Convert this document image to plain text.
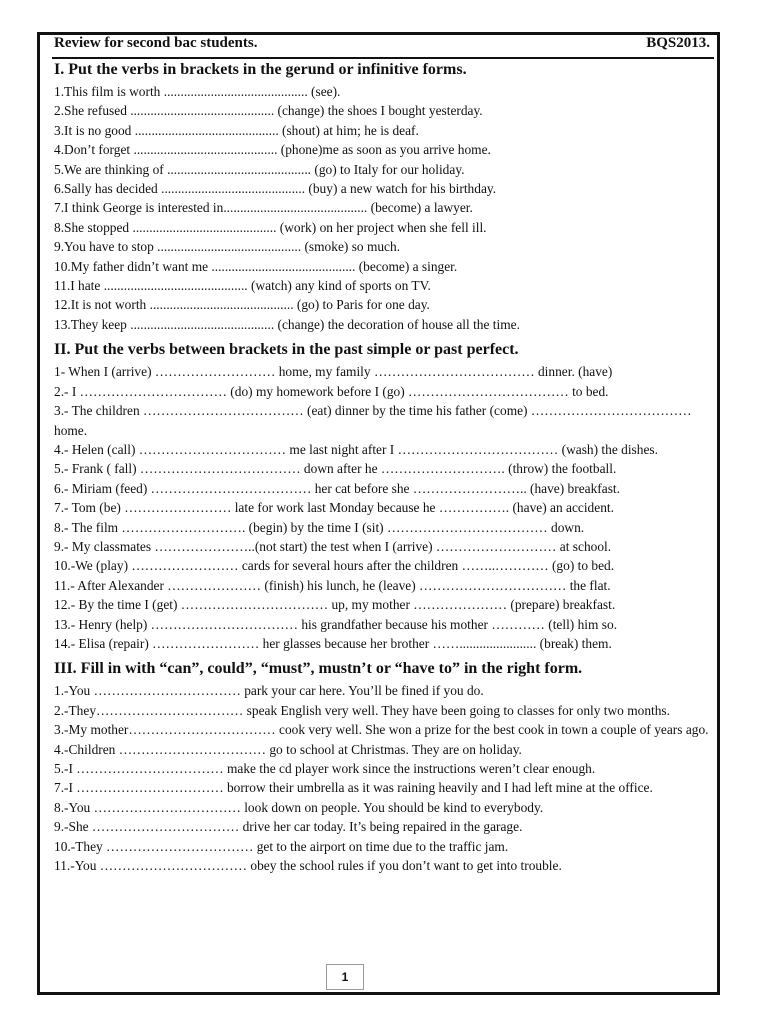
Review for second bac students.	BQS2013.
I. Put the verbs in brackets in the gerund or infinitive forms.
1.This film is worth ........................................... (see).
2.She refused ........................................... (change) the shoes I bought yesterday.
3.It is no good ........................................... (shout) at him; he is deaf.
4.Don’t forget ........................................... (phone)me as soon as you arrive home.
5.We are thinking of ........................................... (go) to Italy for our holiday.
6.Sally has decided ........................................... (buy) a new watch for his birthday.
7.I think George is interested in........................................... (become) a lawyer.
8.She stopped ........................................... (work) on her project when she fell ill.
9.You have to stop ........................................... (smoke) so much.
10.My father didn’t want me ........................................... (become) a singer.
11.I hate ........................................... (watch) any kind of sports on TV.
12.It is not worth ........................................... (go) to Paris for one day.
13.They keep ........................................... (change) the decoration of house all the time.
II. Put the verbs between brackets in the past simple or past perfect.
1- When I (arrive) ……………………… home, my family ……………………………… dinner. (have)
2.- I …………………………… (do) my homework before I (go) ……………………………… to bed.
3.- The children ……………………………… (eat) dinner by the time his father (come) ……………………………… home.
4.- Helen (call) …………………………… me last night after I ……………………………… (wash) the dishes.
5.- Frank ( fall) ……………………………… down after he ………………………. (throw) the football.
6.- Miriam (feed) ……………………………… her cat before she …………………….. (have) breakfast.
7.- Tom (be) …………………… late for work last Monday because he ……………. (have) an accident.
8.- The film ………………………. (begin) by the time I (sit) ……………………………… down.
9.- My classmates …………………..(not start) the test when I (arrive) ……………………… at school.
10.-We (play) …………………… cards for several hours after the children ……..………… (go) to bed.
11.- After Alexander ………………… (finish) his lunch, he (leave) …………………………… the flat.
12.- By the time I (get) …………………………… up, my mother ………………… (prepare) breakfast.
13.- Henry (help) …………………………… his grandfather because his mother ………… (tell) him so.
14.- Elisa (repair) …………………… her glasses because her brother ……....................... (break) them.
III. Fill in with “can”, could”, “must”, mustn’t or “have to” in the right form.
1.-You …………………………… park your car here. You’ll be fined if you do.
2.-They…………………………… speak English very well. They have been going to classes for only two months.
3.-My mother…………………………… cook very well. She won a prize for the best cook in town a couple of years ago.
4.-Children …………………………… go to school at Christmas. They are on holiday.
5.-I …………………………… make the cd player work since the instructions weren’t clear enough.
7.-I …………………………… borrow their umbrella as it was raining heavily and I had left mine at the office.
8.-You …………………………… look down on people. You should be kind to everybody.
9.-She …………………………… drive her car today. It’s being repaired in the garage.
10.-They …………………………… get to the airport on time due to the traffic jam.
11.-You …………………………… obey the school rules if you don’t want to get into trouble.
1
